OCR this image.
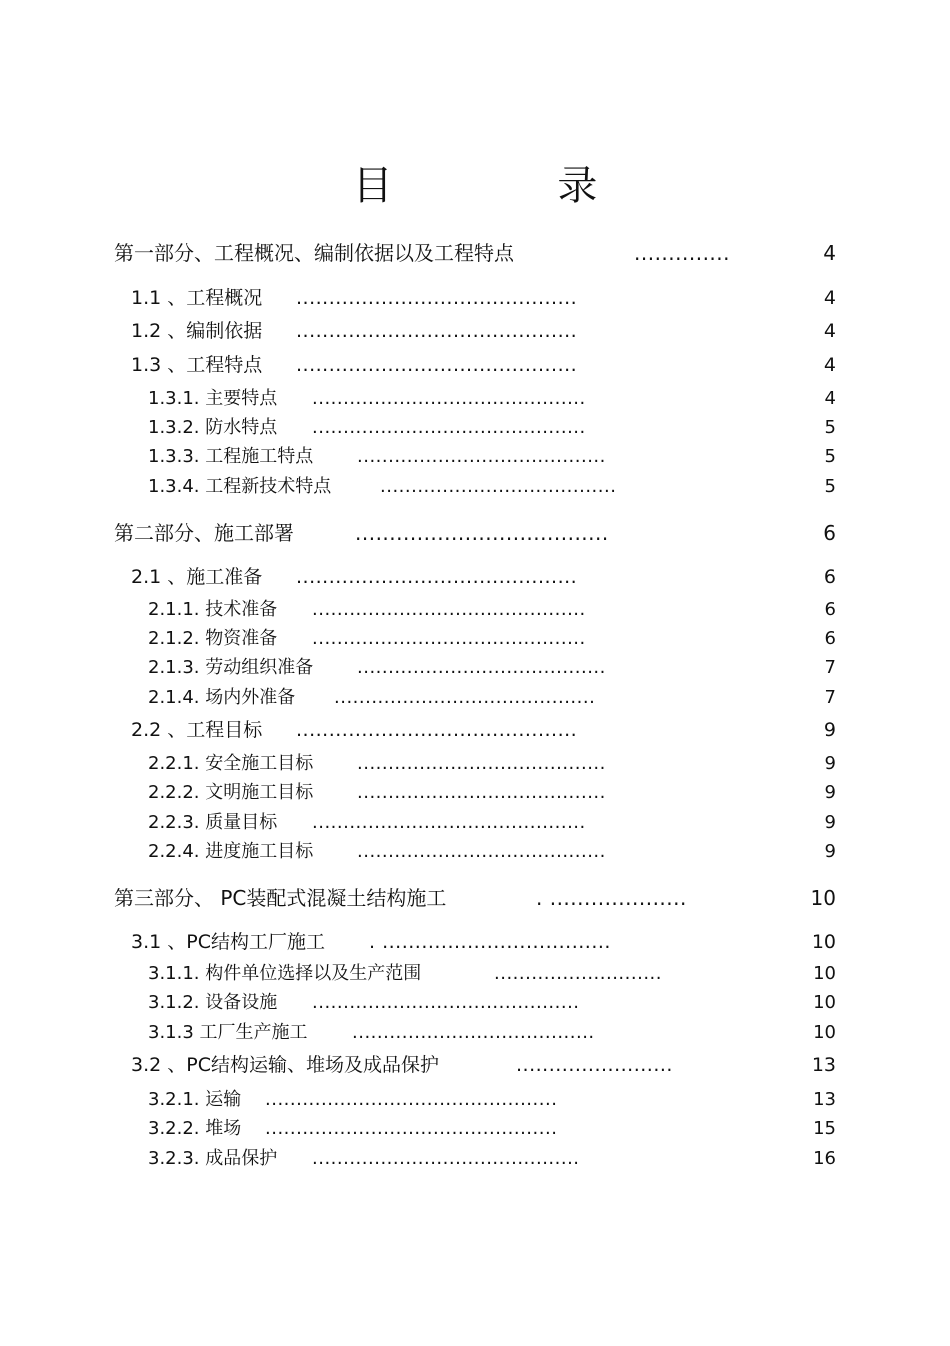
目 录
第一部分、工程概况、编制依据以及工程特点	..............	4
1.1 、工程概况 ...........................................	4
1.2 、编制依据 ...........................................	4
1.3 、工程特点 ...........................................	4
1.3.1. 主要特点 ............................................	4
1.3.2. 防水特点 ............................................	5
1.3.3. 工程施工特点 ........................................	5
1.3.4. 工程新技术特点	......................................	5
第二部分、施工部署	.....................................	6
2.1 、施工准备 ...........................................	6
2.1.1. 技术准备 ............................................	6
2.1.2. 物资准备 ............................................	6
2.1.3. 劳动组织准备 ........................................	7
2.1.4. 场内外准备 ..........................................	7
2.2 、工程目标 ...........................................	9
2.2.1. 安全施工目标 ........................................	9
2.2.2. 文明施工目标 ........................................	9
2.2.3. 质量目标 ............................................	9
2.2.4. 进度施工目标 ........................................	9
第三部分、 PC装配式混凝土结构施工	. ....................	10
3.1 、PC结构工厂施工 . ...................................	10
3.1.1. 构件单位选择以及生产范围	...........................	10
3.1.2. 设备设施 ...........................................	10
3.1.3 工厂生产施工 .......................................	10
3.2 、PC结构运输、堆场及成品保护	........................	13
3.2.1. 运输 ...............................................	13
3.2.2. 堆场 ...............................................	15
3.2.3. 成品保护 ...........................................	16
